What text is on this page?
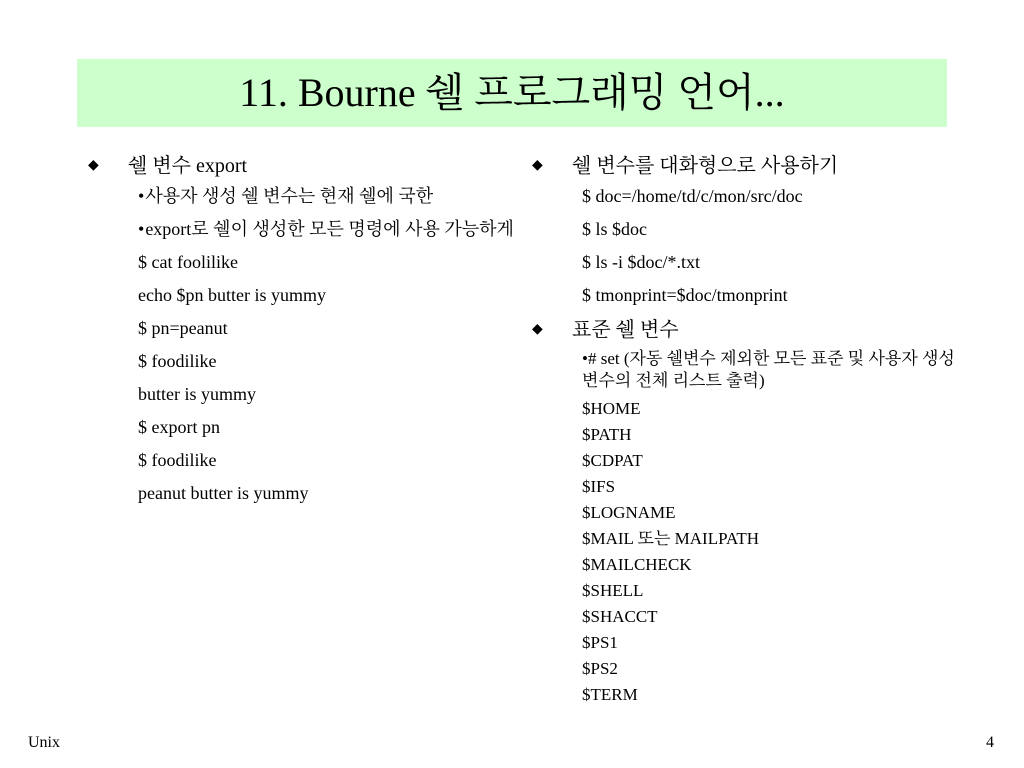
11. Bourne 쉘 프로그래밍 언어...
◆ 쉘 변수 export
•사용자 생성 쉘 변수는 현재 쉘에 국한
•export로 쉘이 생성한 모든 명령에 사용 가능하게
$ cat foolilike
echo $pn butter is yummy
$ pn=peanut
$ foodilike
butter is yummy
$ export pn
$ foodilike
peanut butter is yummy
◆ 쉘 변수를 대화형으로 사용하기
$ doc=/home/td/c/mon/src/doc
$ ls $doc
$ ls -i $doc/*.txt
$ tmonprint=$doc/tmonprint
◆ 표준 쉘 변수
•# set (자동 쉘변수 제외한 모든 표준 및 사용자 생성 변수의 전체 리스트 출력)
$HOME
$PATH
$CDPAT
$IFS
$LOGNAME
$MAIL 또는 MAILPATH
$MAILCHECK
$SHELL
$SHACCT
$PS1
$PS2
$TERM
Unix	4
